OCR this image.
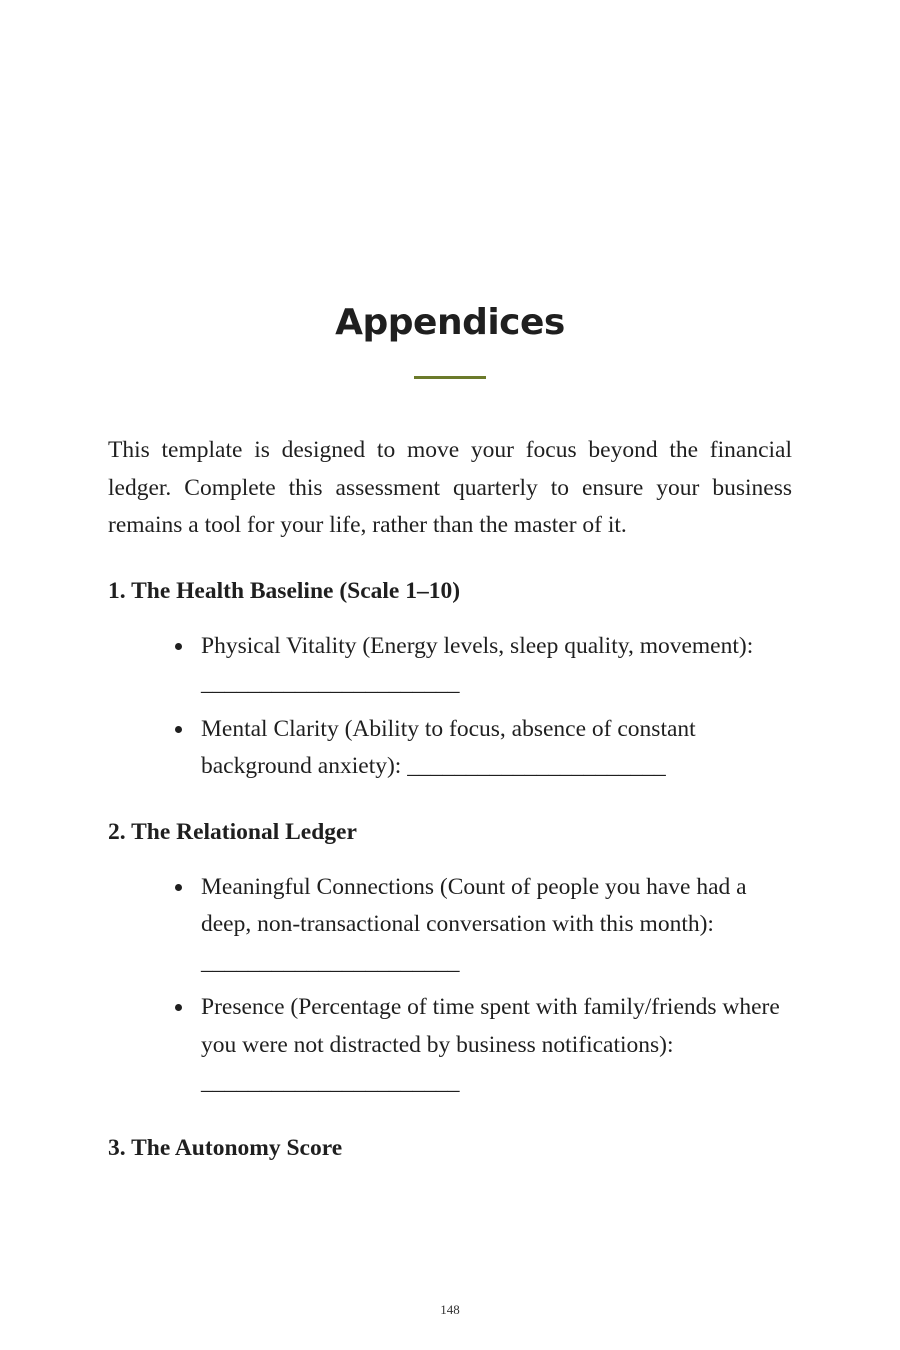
Appendices

This template is designed to move your focus beyond the financial ledger. Complete this assessment quarterly to ensure your business remains a tool for your life, rather than the master of it.

1. The Health Baseline (Scale 1–10)
Physical Vitality (Energy levels, sleep quality, movement): ______________________
Mental Clarity (Ability to focus, absence of constant background anxiety): ______________________
2. The Relational Ledger
Meaningful Connections (Count of people you have had a deep, non-transactional conversation with this month): ______________________
Presence (Percentage of time spent with family/friends where you were not distracted by business notifications): ______________________
3. The Autonomy Score
148
